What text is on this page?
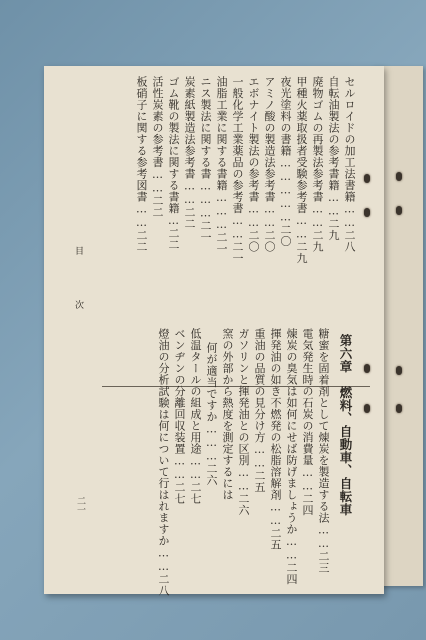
セルロイドの加工法書籍……二八
自転油製法の参考書籍……二九
廃物ゴムの再製法参考書……二九
甲種火薬取扱者受験参考書……二九
夜光塗料の書籍……………二〇
アミノ酸の製造法参考書……二〇
エボナイト製法の参考書……二〇
一般化学工業薬品の参考書……二一
油脂工業に関する書籍………二一
ニス製法に関する書………二一
炭素紙製造法参考書……二二
ゴム靴の製法に関する書籍…二二
活性炭素の参考書……二二
板硝子に関する参考図書……二二
目　次
第六章　燃料、自動車、自転車
糖蜜を固着剤として煉炭を製造する法……二三
電気発生時の石炭の消費量……二四
煉炭の臭気は如何にせば防げましょうか……二四
揮発油の如き不燃発の松脂溶解剤……二五
重油の品質の見分け方……二五
ガソリンと揮発油との区別……二六
窯の外部から熱度を測定するには
何が適当ですか………二六
低温タールの組成と用途……二七
ベンヂンの分離回収装置……二七
燈油の分析試験は何について行はれますか……二八
二一
